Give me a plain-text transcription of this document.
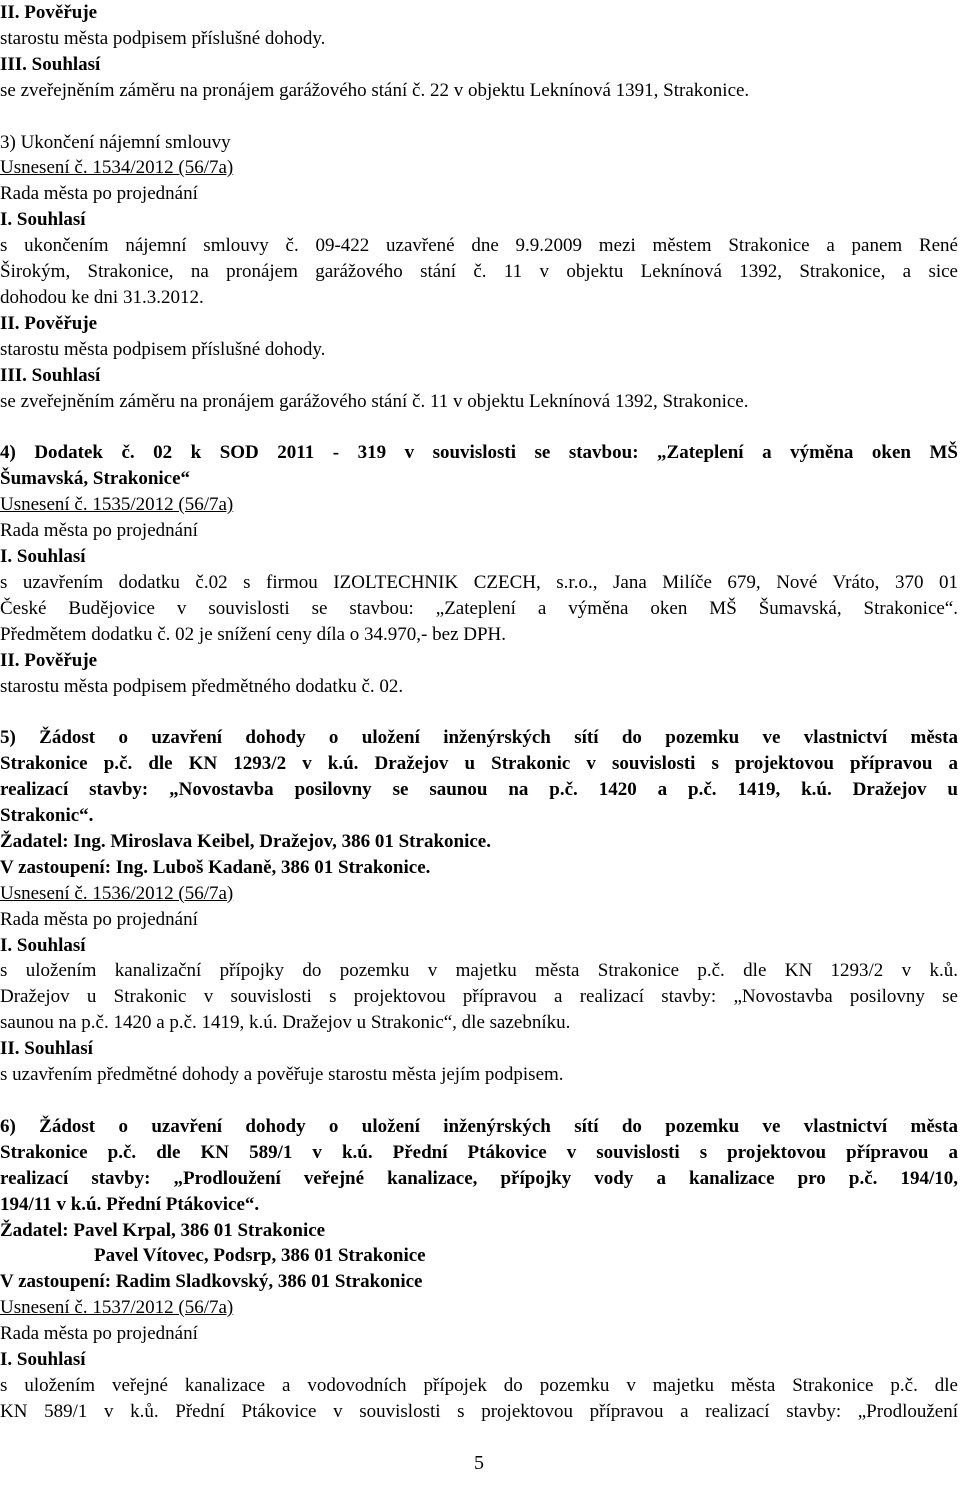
II. Pověřuje
starostu města podpisem příslušné dohody.
III. Souhlasí
se zveřejněním záměru na pronájem garážového stání č. 22 v objektu Leknínová 1391, Strakonice.
3) Ukončení nájemní smlouvy
Usnesení č. 1534/2012 (56/7a)
Rada města po projednání
I. Souhlasí
s ukončením nájemní smlouvy č. 09-422 uzavřené dne 9.9.2009 mezi městem Strakonice a panem René
Širokým, Strakonice, na pronájem garážového stání č. 11 v objektu Leknínová 1392, Strakonice, a sice
dohodou ke dni 31.3.2012.
II. Pověřuje
starostu města podpisem příslušné dohody.
III. Souhlasí
se zveřejněním záměru na pronájem garážového stání č. 11 v objektu Leknínová 1392, Strakonice.
4) Dodatek č. 02 k SOD 2011 - 319 v souvislosti se stavbou: „Zateplení a výměna oken MŠ
Šumavská, Strakonice“
Usnesení č. 1535/2012 (56/7a)
Rada města po projednání
I. Souhlasí
s uzavřením dodatku č.02 s firmou IZOLTECHNIK CZECH, s.r.o., Jana Milíče 679, Nové Vráto, 370 01
České Budějovice v souvislosti se stavbou: „Zateplení a výměna oken MŠ Šumavská, Strakonice“.
Předmětem dodatku č. 02 je snížení ceny díla o 34.970,- bez DPH.
II. Pověřuje
starostu města podpisem předmětného dodatku č. 02.
5) Žádost o uzavření dohody o uložení inženýrských sítí do pozemku ve vlastnictví města
Strakonice p.č. dle KN 1293/2 v k.ú. Dražejov u Strakonic v souvislosti s projektovou přípravou a
realizací stavby: „Novostavba posilovny se saunou na p.č. 1420 a p.č. 1419, k.ú. Dražejov u
Strakonic“.
Žadatel: Ing. Miroslava Keibel, Dražejov, 386 01 Strakonice.
V zastoupení: Ing. Luboš Kadaně, 386 01 Strakonice.
Usnesení č. 1536/2012 (56/7a)
Rada města po projednání
I. Souhlasí
s uložením kanalizační přípojky do pozemku v majetku města Strakonice p.č. dle KN 1293/2 v k.ů.
Dražejov u Strakonic v souvislosti s projektovou přípravou a realizací stavby: „Novostavba posilovny se
saunou na p.č. 1420 a p.č. 1419, k.ú. Dražejov u Strakonic“, dle sazebníku.
II. Souhlasí
s uzavřením předmětné dohody a pověřuje starostu města jejím podpisem.
6) Žádost o uzavření dohody o uložení inženýrských sítí do pozemku ve vlastnictví města
Strakonice p.č. dle KN 589/1 v k.ú. Přední Ptákovice v souvislosti s projektovou přípravou a
realizací stavby: „Prodloužení veřejné kanalizace, přípojky vody a kanalizace pro p.č. 194/10,
194/11 v k.ú. Přední Ptákovice“.
Žadatel: Pavel Krpal, 386 01 Strakonice
Pavel Vítovec, Podsrp, 386 01 Strakonice
V zastoupení: Radim Sladkovský, 386 01 Strakonice
Usnesení č. 1537/2012 (56/7a)
Rada města po projednání
I. Souhlasí
s uložením veřejné kanalizace a vodovodních přípojek do pozemku v majetku města Strakonice p.č. dle
KN 589/1 v k.ů. Přední Ptákovice v souvislosti s projektovou přípravou a realizací stavby: „Prodloužení
5
